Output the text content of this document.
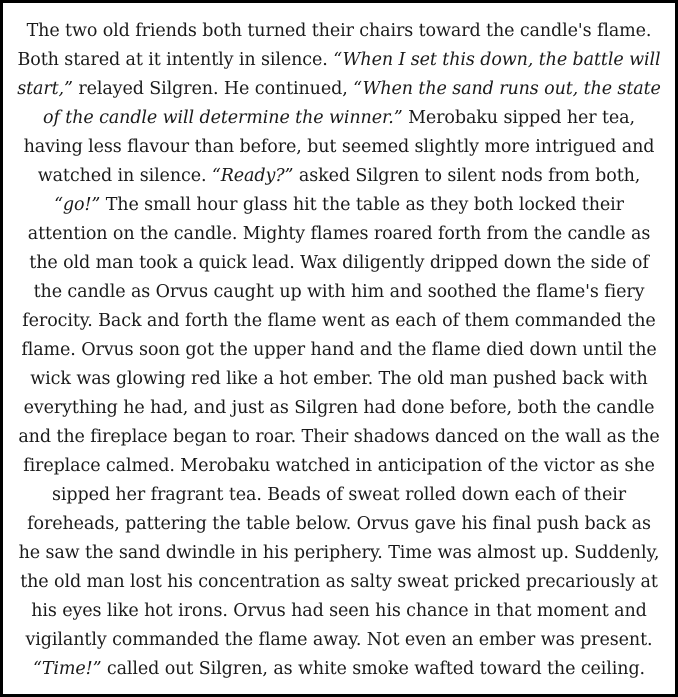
The two old friends both turned their chairs toward the candle's flame. Both stared at it intently in silence. “When I set this down, the battle will start,” relayed Silgren. He continued, “When the sand runs out, the state of the candle will determine the winner.” Merobaku sipped her tea, having less flavour than before, but seemed slightly more intrigued and watched in silence. “Ready?” asked Silgren to silent nods from both, “go!” The small hour glass hit the table as they both locked their attention on the candle. Mighty flames roared forth from the candle as the old man took a quick lead. Wax diligently dripped down the side of the candle as Orvus caught up with him and soothed the flame's fiery ferocity. Back and forth the flame went as each of them commanded the flame. Orvus soon got the upper hand and the flame died down until the wick was glowing red like a hot ember. The old man pushed back with everything he had, and just as Silgren had done before, both the candle and the fireplace began to roar. Their shadows danced on the wall as the fireplace calmed. Merobaku watched in anticipation of the victor as she sipped her fragrant tea. Beads of sweat rolled down each of their foreheads, pattering the table below. Orvus gave his final push back as he saw the sand dwindle in his periphery. Time was almost up. Suddenly, the old man lost his concentration as salty sweat pricked precariously at his eyes like hot irons. Orvus had seen his chance in that moment and vigilantly commanded the flame away. Not even an ember was present. “Time!” called out Silgren, as white smoke wafted toward the ceiling.
